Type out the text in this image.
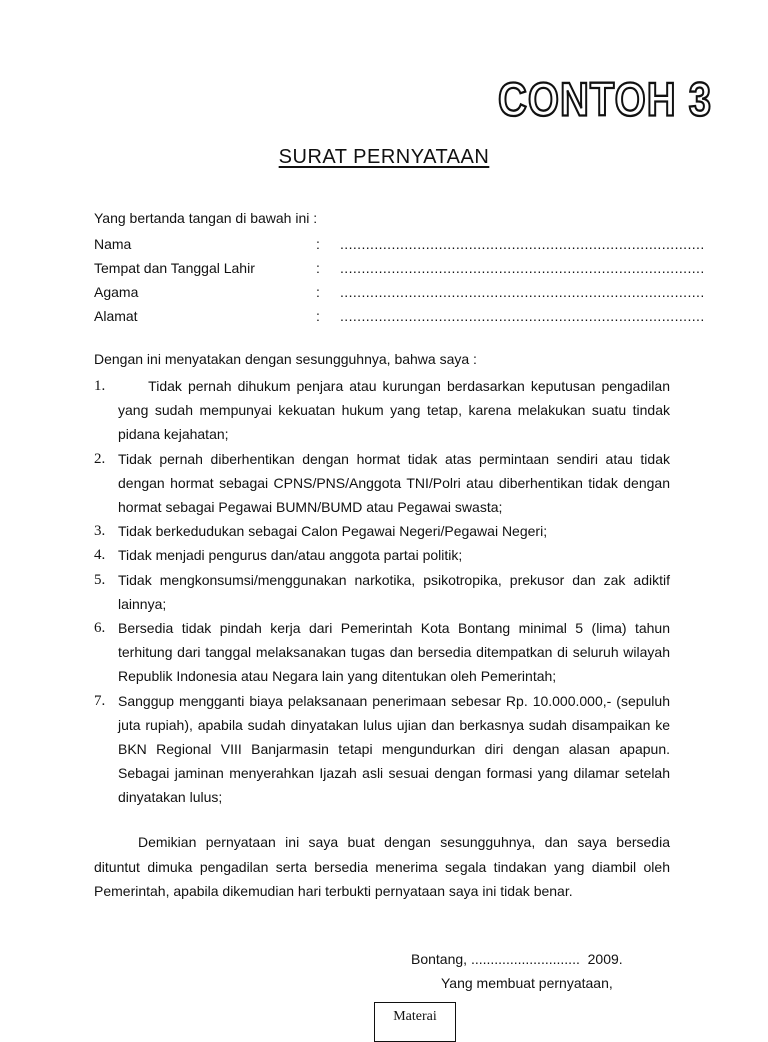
CONTOH 3
SURAT PERNYATAAN
Yang bertanda tangan di bawah ini :
Nama	:	.....................................................................................
Tempat dan Tanggal Lahir	:	.....................................................................................
Agama	:	.....................................................................................
Alamat	:	.....................................................................................
Dengan ini menyatakan dengan sesungguhnya, bahwa saya :
1. Tidak pernah dihukum penjara atau kurungan berdasarkan keputusan pengadilan yang sudah mempunyai kekuatan hukum yang tetap, karena melakukan suatu tindak pidana kejahatan;
2. Tidak pernah diberhentikan dengan hormat tidak atas permintaan sendiri atau tidak dengan hormat sebagai CPNS/PNS/Anggota TNI/Polri atau diberhentikan tidak dengan hormat sebagai Pegawai BUMN/BUMD atau Pegawai swasta;
3. Tidak berkedudukan sebagai Calon Pegawai Negeri/Pegawai Negeri;
4. Tidak menjadi pengurus dan/atau anggota partai politik;
5. Tidak mengkonsumsi/menggunakan narkotika, psikotropika, prekusor dan zak adiktif lainnya;
6. Bersedia tidak pindah kerja dari Pemerintah Kota Bontang minimal 5 (lima) tahun terhitung dari tanggal melaksanakan tugas dan bersedia ditempatkan di seluruh wilayah Republik Indonesia atau Negara lain yang ditentukan oleh Pemerintah;
7. Sanggup mengganti biaya pelaksanaan penerimaan sebesar Rp. 10.000.000,- (sepuluh juta rupiah), apabila sudah dinyatakan lulus ujian dan berkasnya sudah disampaikan ke BKN Regional VIII Banjarmasin tetapi mengundurkan diri dengan alasan apapun. Sebagai jaminan menyerahkan Ijazah asli sesuai dengan formasi yang dilamar setelah dinyatakan lulus;
Demikian pernyataan ini saya buat dengan sesungguhnya, dan saya bersedia dituntut dimuka pengadilan serta bersedia menerima segala tindakan yang diambil oleh Pemerintah, apabila dikemudian hari terbukti pernyataan saya ini tidak benar.
Bontang, ............................  2009.
Yang membuat pernyataan,
Materai
